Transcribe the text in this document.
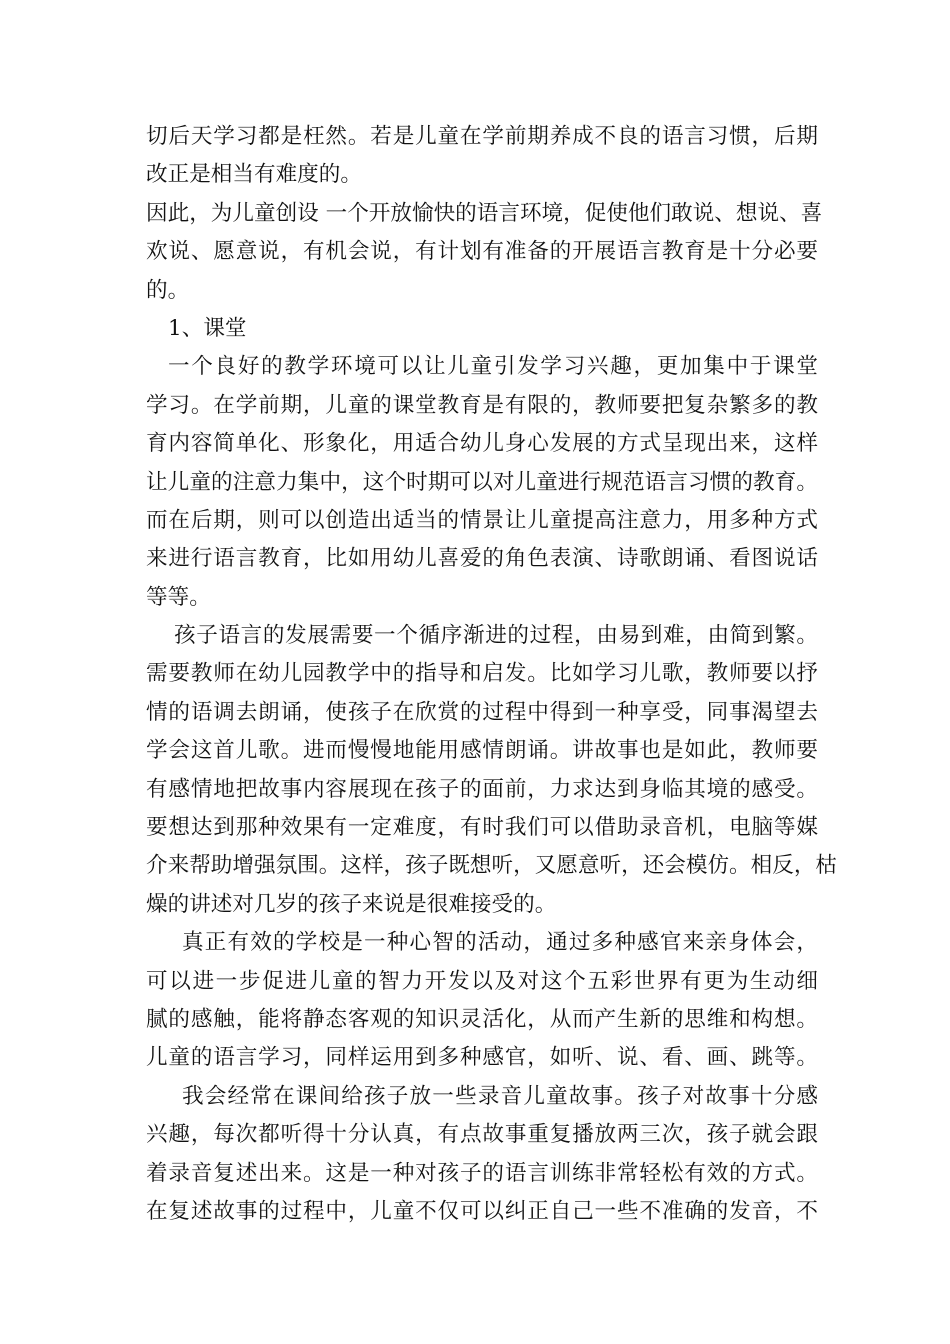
切后天学习都是枉然。若是儿童在学前期养成不良的语言习惯，后期
改正是相当有难度的。
因此，为儿童创设 一个开放愉快的语言环境，促使他们敢说、想说、喜
欢说、愿意说，有机会说，有计划有准备的开展语言教育是十分必要
的。
1、课堂
一个良好的教学环境可以让儿童引发学习兴趣，更加集中于课堂
学习。在学前期，儿童的课堂教育是有限的，教师要把复杂繁多的教
育内容简单化、形象化，用适合幼儿身心发展的方式呈现出来，这样
让儿童的注意力集中，这个时期可以对儿童进行规范语言习惯的教育。
而在后期，则可以创造出适当的情景让儿童提高注意力，用多种方式
来进行语言教育，比如用幼儿喜爱的角色表演、诗歌朗诵、看图说话
等等。
孩子语言的发展需要一个循序渐进的过程，由易到难，由简到繁。
需要教师在幼儿园教学中的指导和启发。比如学习儿歌，教师要以抒
情的语调去朗诵，使孩子在欣赏的过程中得到一种享受，同事渴望去
学会这首儿歌。进而慢慢地能用感情朗诵。讲故事也是如此，教师要
有感情地把故事内容展现在孩子的面前，力求达到身临其境的感受。
要想达到那种效果有一定难度，有时我们可以借助录音机，电脑等媒
介来帮助增强氛围。这样，孩子既想听，又愿意听，还会模仿。相反，枯
燥的讲述对几岁的孩子来说是很难接受的。
真正有效的学校是一种心智的活动，通过多种感官来亲身体会，
可以进一步促进儿童的智力开发以及对这个五彩世界有更为生动细
腻的感触，能将静态客观的知识灵活化，从而产生新的思维和构想。
儿童的语言学习，同样运用到多种感官，如听、说、看、画、跳等。
我会经常在课间给孩子放一些录音儿童故事。孩子对故事十分感
兴趣，每次都听得十分认真，有点故事重复播放两三次，孩子就会跟
着录音复述出来。这是一种对孩子的语言训练非常轻松有效的方式。
在复述故事的过程中，儿童不仅可以纠正自己一些不准确的发音，不
